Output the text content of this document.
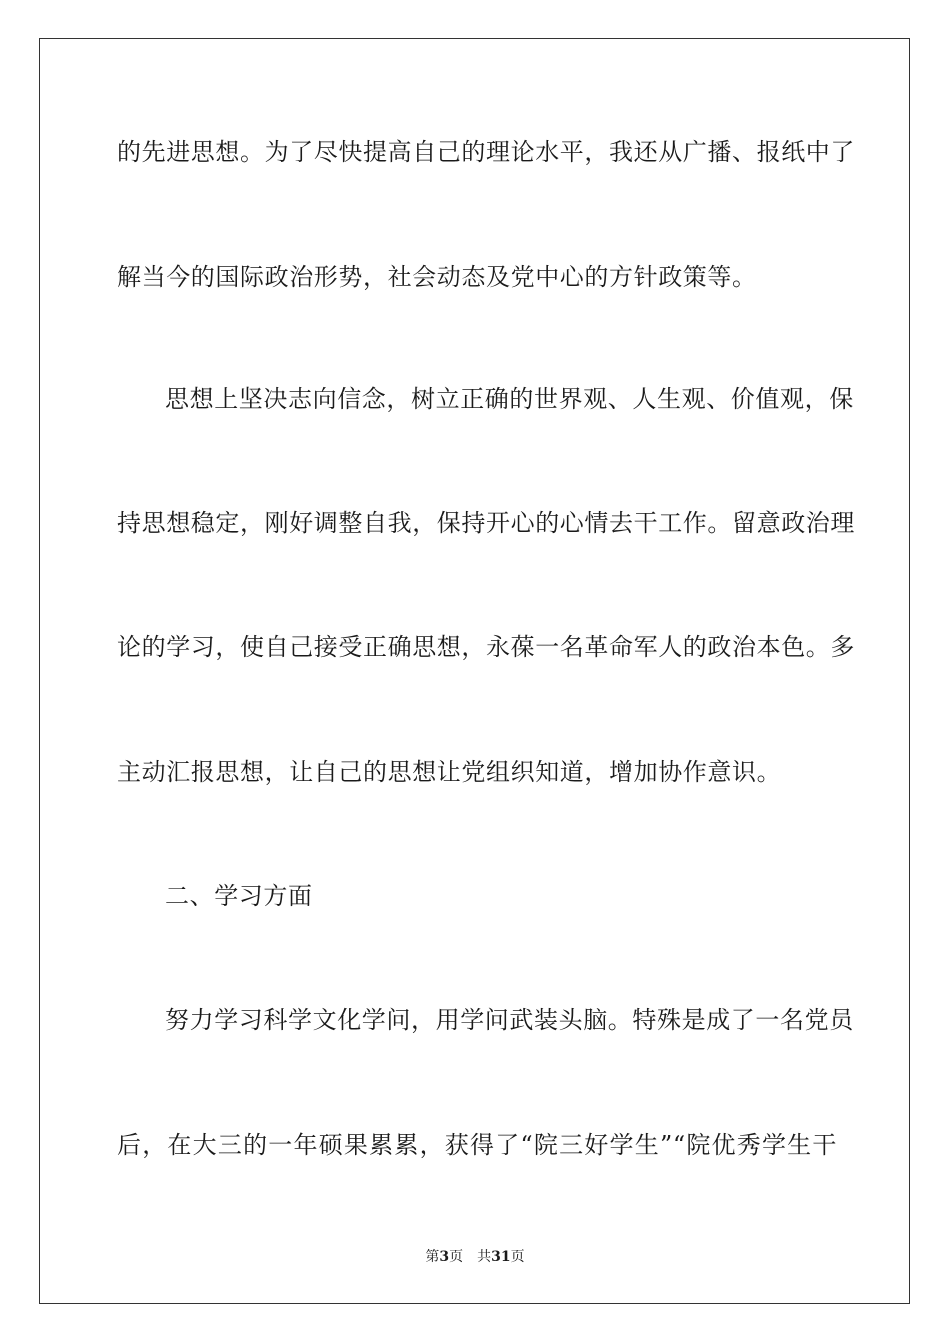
的先进思想。为了尽快提高自己的理论水平，我还从广播、报纸中了
解当今的国际政治形势，社会动态及党中心的方针政策等。
思想上坚决志向信念，树立正确的世界观、人生观、价值观，保
持思想稳定，刚好调整自我，保持开心的心情去干工作。留意政治理
论的学习，使自己接受正确思想，永葆一名革命军人的政治本色。多
主动汇报思想，让自己的思想让党组织知道，增加协作意识。
二、学习方面
努力学习科学文化学问，用学问武装头脑。特殊是成了一名党员
后，在大三的一年硕果累累，获得了“院三好学生”“院优秀学生干
第3页 共31页
